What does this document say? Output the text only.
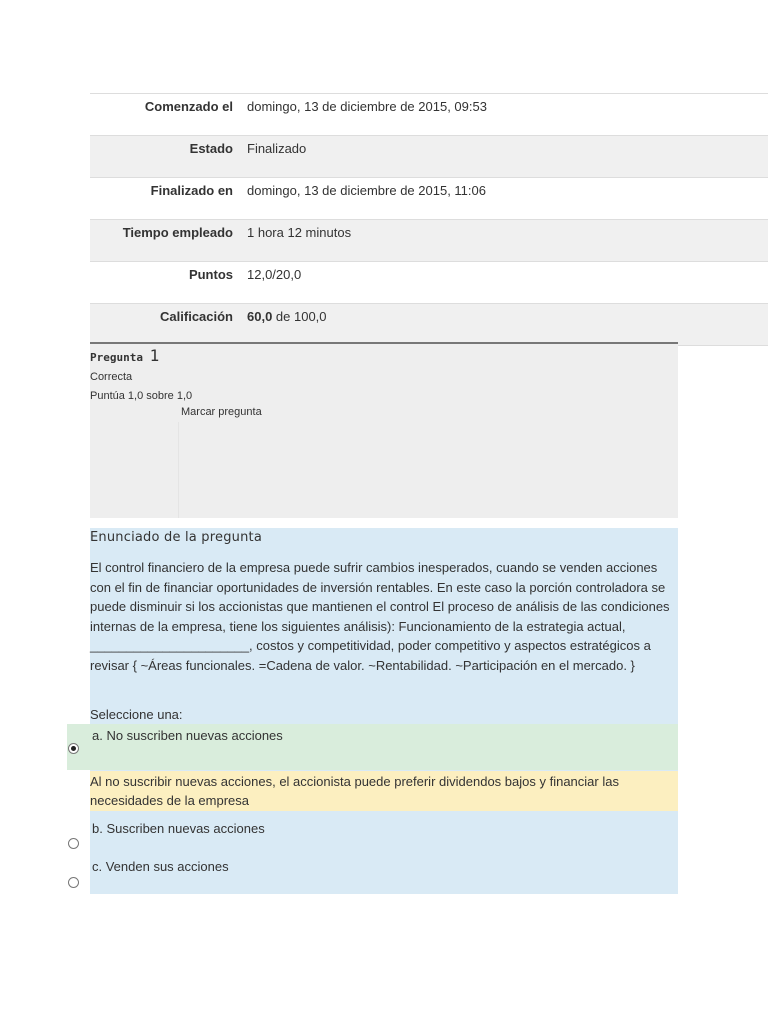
Comenzado el	domingo, 13 de diciembre de 2015, 09:53
Estado	Finalizado
Finalizado en	domingo, 13 de diciembre de 2015, 11:06
Tiempo empleado	1 hora 12 minutos
Puntos	12,0/20,0
Calificación	60,0 de 100,0
Pregunta 1
Correcta
Puntúa 1,0 sobre 1,0
Marcar pregunta
Enunciado de la pregunta
El control financiero de la empresa puede sufrir cambios inesperados, cuando se venden acciones con el fin de financiar oportunidades de inversión rentables. En este caso la porción controladora se puede disminuir si los accionistas que mantienen el control El proceso de análisis de las condiciones internas de la empresa, tiene los siguientes análisis): Funcionamiento de la estrategia actual, ______________________, costos y competitividad, poder competitivo y aspectos estratégicos a revisar { ~Áreas funcionales. =Cadena de valor. ~Rentabilidad. ~Participación en el mercado. }
Seleccione una:
a. No suscriben nuevas acciones
Al no suscribir nuevas acciones, el accionista puede preferir dividendos bajos y financiar las necesidades de la empresa
b. Suscriben nuevas acciones
c. Venden sus acciones
